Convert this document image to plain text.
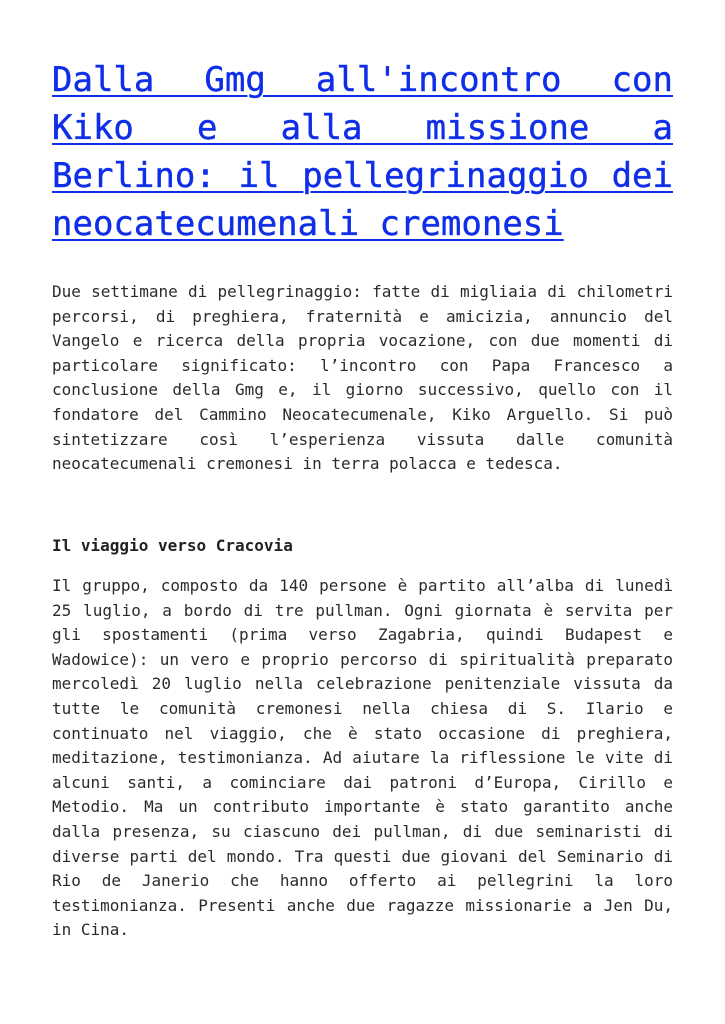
Dalla Gmg all'incontro con Kiko e alla missione a Berlino: il pellegrinaggio dei neocatecumenali cremonesi

Due settimane di pellegrinaggio: fatte di migliaia di chilometri percorsi, di preghiera, fraternità e amicizia, annuncio del Vangelo e ricerca della propria vocazione, con due momenti di particolare significato: l’incontro con Papa Francesco a conclusione della Gmg e, il giorno successivo, quello con il fondatore del Cammino Neocatecumenale, Kiko Arguello. Si può sintetizzare così l’esperienza vissuta dalle comunità neocatecumenali cremonesi in terra polacca e tedesca.

Il viaggio verso Cracovia

Il gruppo, composto da 140 persone è partito all’alba di lunedì 25 luglio, a bordo di tre pullman. Ogni giornata è servita per gli spostamenti (prima verso Zagabria, quindi Budapest e Wadowice): un vero e proprio percorso di spiritualità preparato mercoledì 20 luglio nella celebrazione penitenziale vissuta da tutte le comunità cremonesi nella chiesa di S. Ilario e continuato nel viaggio, che è stato occasione di preghiera, meditazione, testimonianza. Ad aiutare la riflessione le vite di alcuni santi, a cominciare dai patroni d’Europa, Cirillo e Metodio. Ma un contributo importante è stato garantito anche dalla presenza, su ciascuno dei pullman, di due seminaristi di diverse parti del mondo. Tra questi due giovani del Seminario di Rio de Janerio che hanno offerto ai pellegrini la loro testimonianza. Presenti anche due ragazze missionarie a Jen Du, in Cina.
